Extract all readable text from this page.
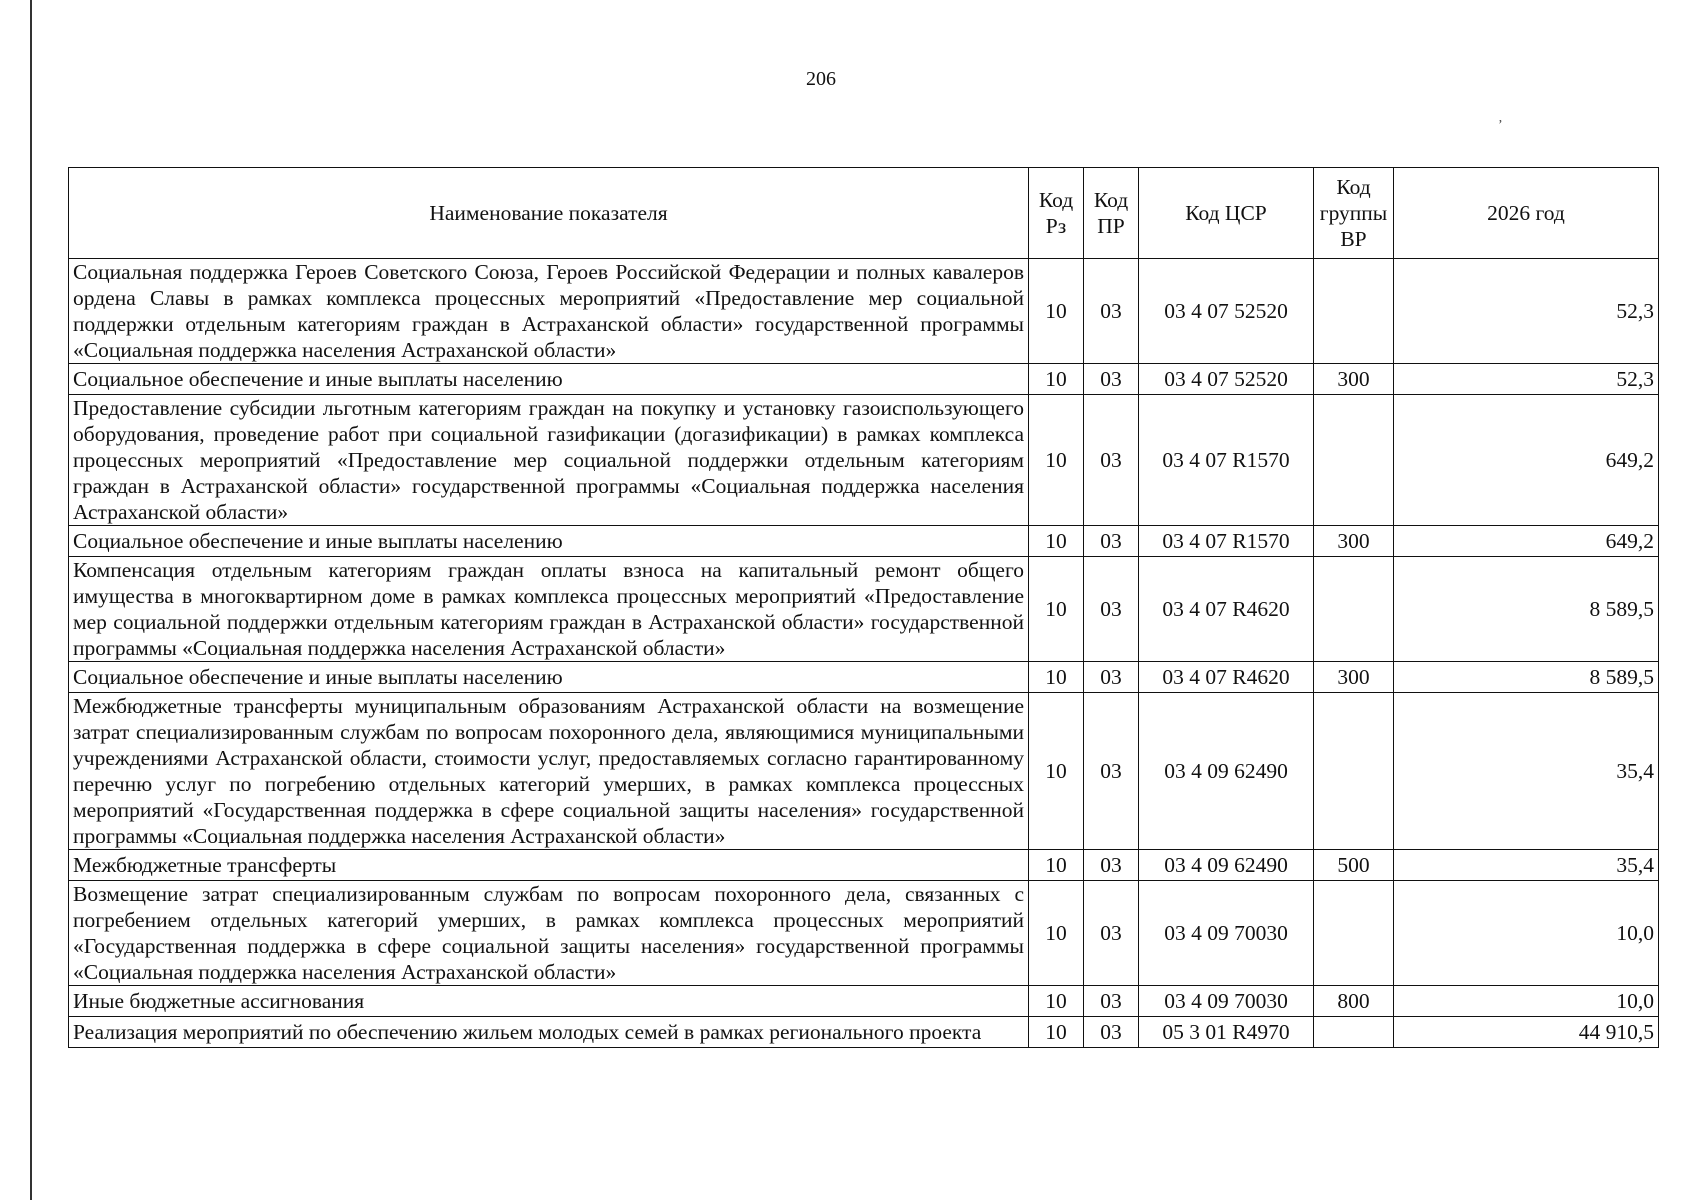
206
’
Наименование показателя	Код Рз	Код ПР	Код ЦСР	Код группы ВР	2026 год
Социальная поддержка Героев Советского Союза, Героев Российской Федерации и полных кавалеров ордена Славы в рамках комплекса процессных мероприятий «Предоставление мер социальной поддержки отдельным категориям граждан в Астраханской области» государственной программы «Социальная поддержка населения Астраханской области»	10	03	03 4 07 52520		52,3
Социальное обеспечение и иные выплаты населению	10	03	03 4 07 52520	300	52,3
Предоставление субсидии льготным категориям граждан на покупку и установку газоиспользующего оборудования, проведение работ при социальной газификации (догазификации) в рамках комплекса процессных мероприятий «Предоставление мер социальной поддержки отдельным категориям граждан в Астраханской области» государственной программы «Социальная поддержка населения Астраханской области»	10	03	03 4 07 R1570		649,2
Социальное обеспечение и иные выплаты населению	10	03	03 4 07 R1570	300	649,2
Компенсация отдельным категориям граждан оплаты взноса на капитальный ремонт общего имущества в многоквартирном доме в рамках комплекса процессных мероприятий «Предоставление мер социальной поддержки отдельным категориям граждан в Астраханской области» государственной программы «Социальная поддержка населения Астраханской области»	10	03	03 4 07 R4620		8 589,5
Социальное обеспечение и иные выплаты населению	10	03	03 4 07 R4620	300	8 589,5
Межбюджетные трансферты муниципальным образованиям Астраханской области на возмещение затрат специализированным службам по вопросам похоронного дела, являющимися муниципальными учреждениями Астраханской области, стоимости услуг, предоставляемых согласно гарантированному перечню услуг по погребению отдельных категорий умерших, в рамках комплекса процессных мероприятий «Государственная поддержка в сфере социальной защиты населения» государственной программы «Социальная поддержка населения Астраханской области»	10	03	03 4 09 62490		35,4
Межбюджетные трансферты	10	03	03 4 09 62490	500	35,4
Возмещение затрат специализированным службам по вопросам похоронного дела, связанных с погребением отдельных категорий умерших, в рамках комплекса процессных мероприятий «Государственная поддержка в сфере социальной защиты населения» государственной программы «Социальная поддержка населения Астраханской области»	10	03	03 4 09 70030		10,0
Иные бюджетные ассигнования	10	03	03 4 09 70030	800	10,0
Реализация мероприятий по обеспечению жильем молодых семей в рамках регионального проекта	10	03	05 3 01 R4970		44 910,5
